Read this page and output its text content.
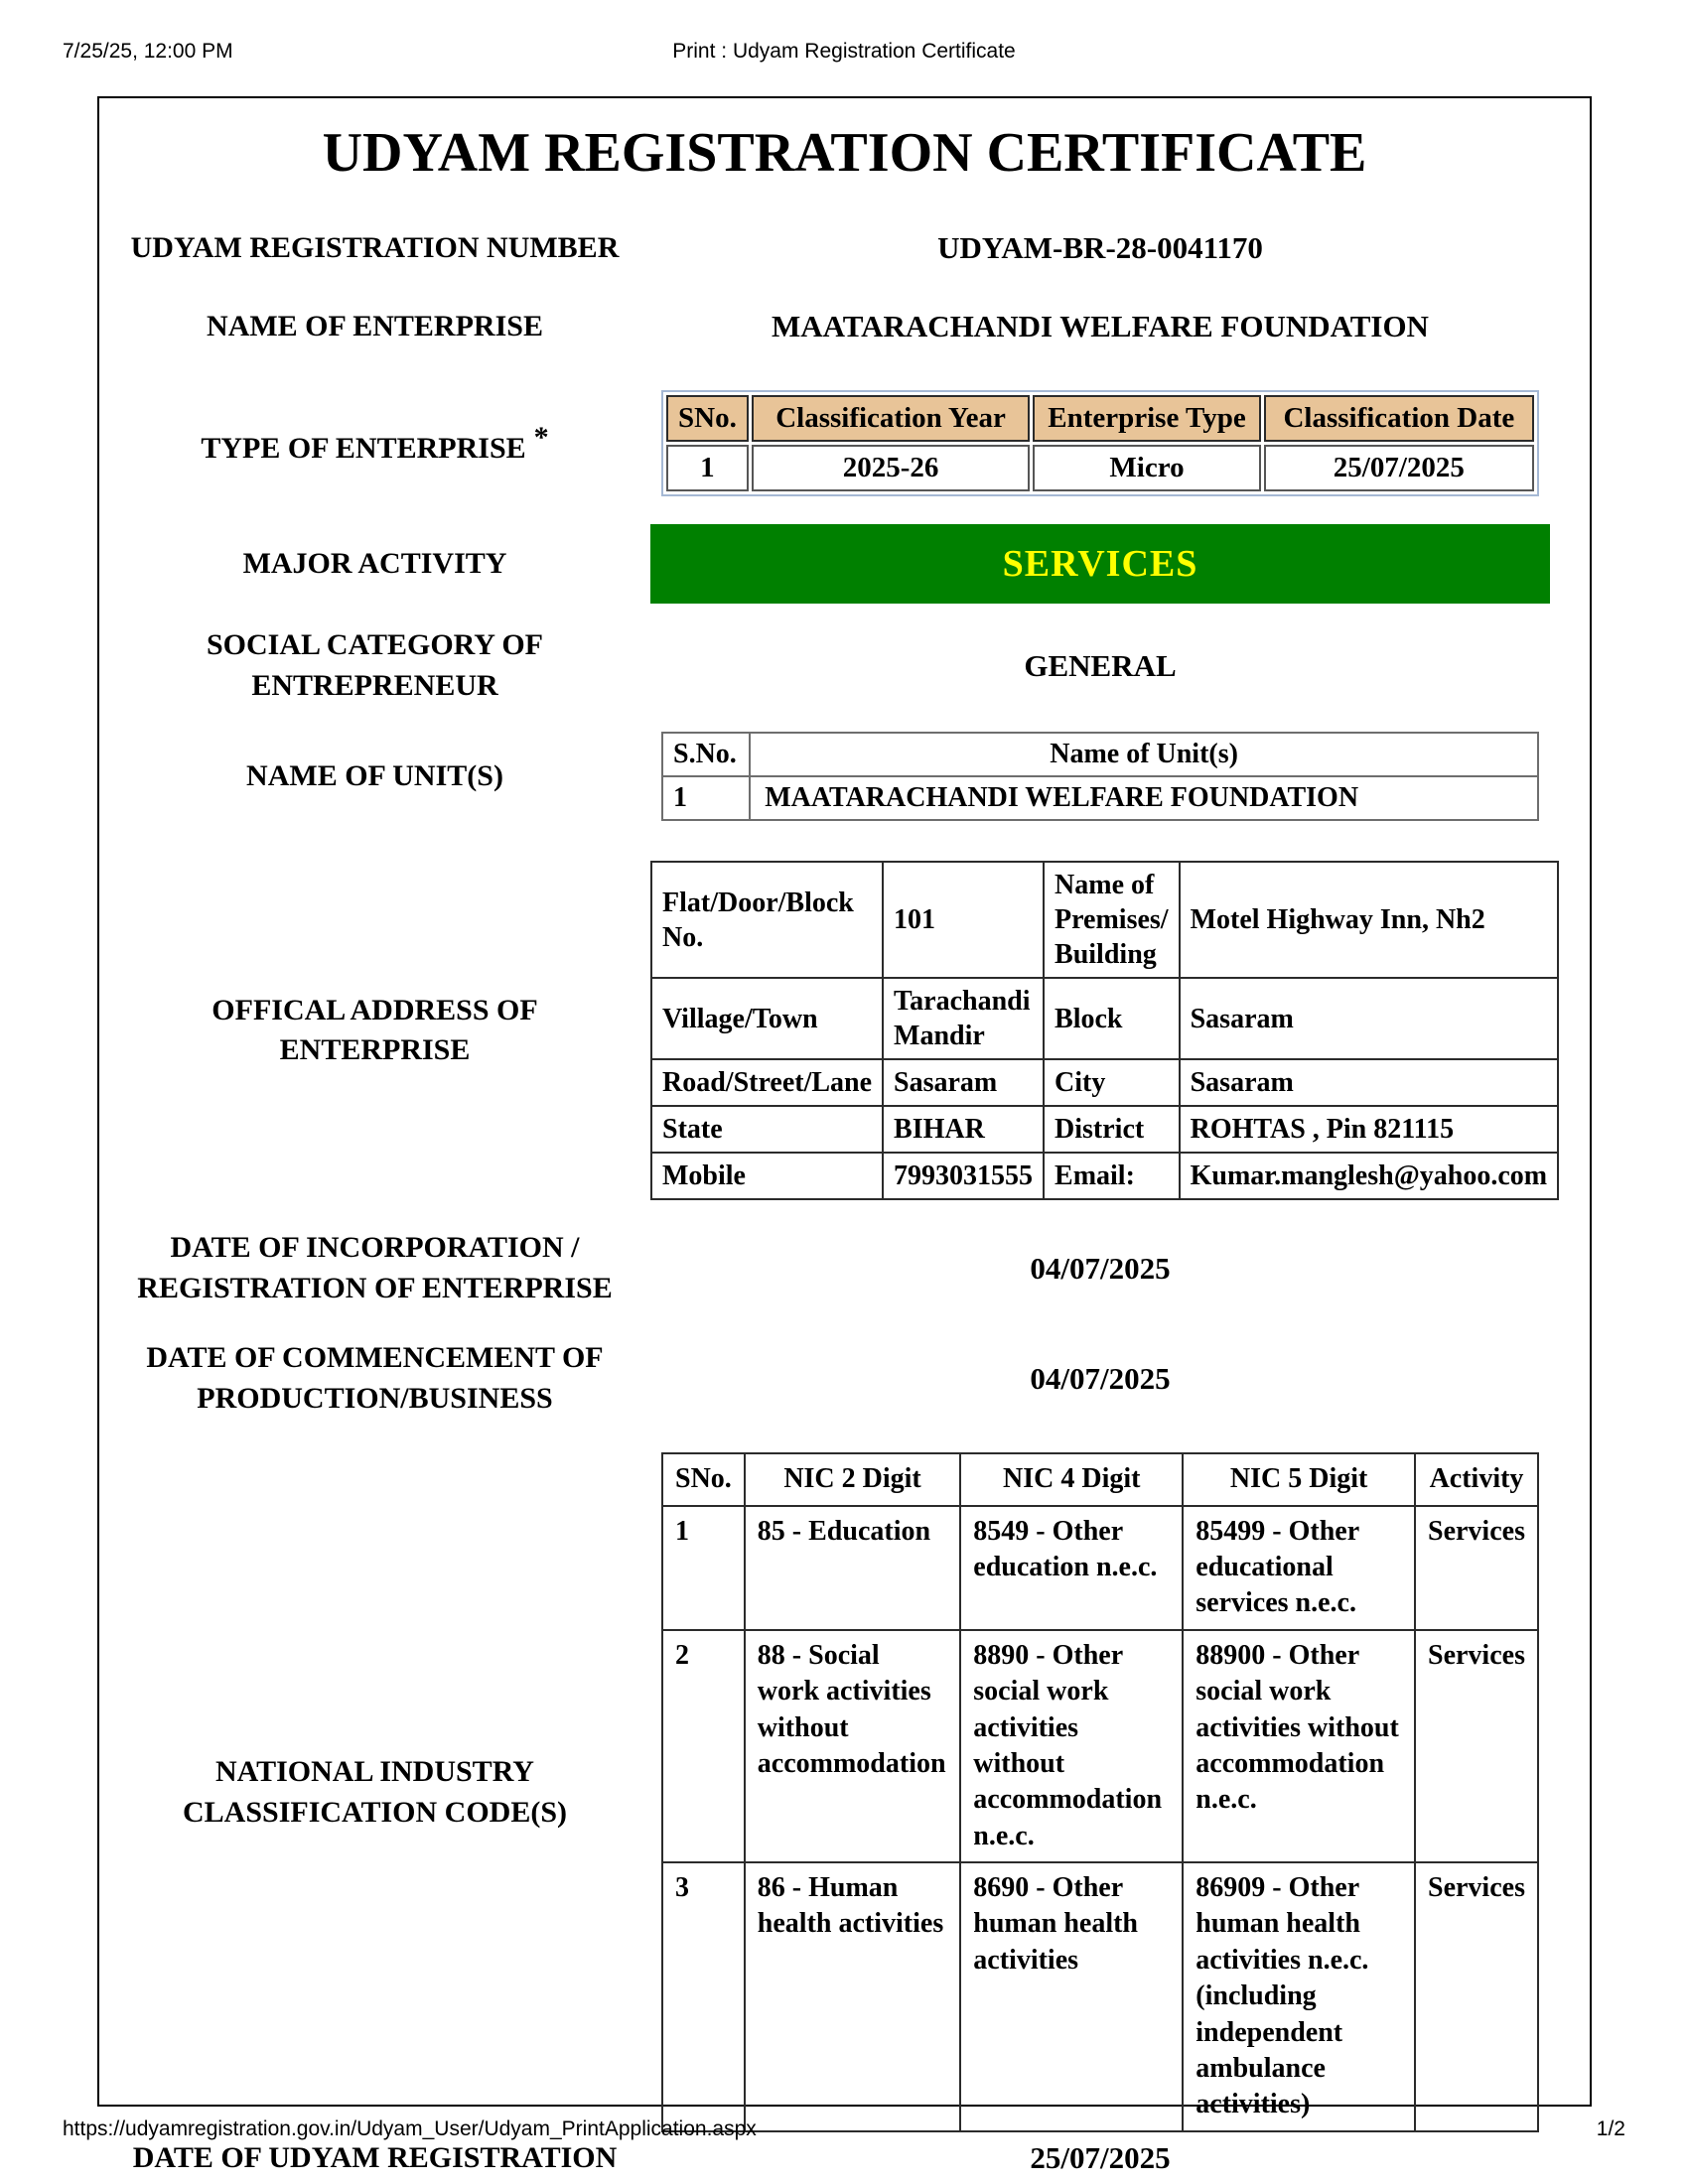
7/25/25, 12:00 PM	Print : Udyam Registration Certificate
UDYAM REGISTRATION CERTIFICATE
UDYAM REGISTRATION NUMBER	UDYAM-BR-28-0041170
NAME OF ENTERPRISE	MAATARACHANDI WELFARE FOUNDATION
TYPE OF ENTERPRISE *
SNo.	Classification Year	Enterprise Type	Classification Date
1	2025-26	Micro	25/07/2025
MAJOR ACTIVITY	SERVICES
SOCIAL CATEGORY OF ENTREPRENEUR
GENERAL
NAME OF UNIT(S)
S.No.	Name of Unit(s)
1	MAATARACHANDI WELFARE FOUNDATION
OFFICAL ADDRESS OF ENTERPRISE
Flat/Door/Block No.	101	Name of Premises/ Building	Motel Highway Inn, Nh2
Village/Town	Tarachandi Mandir	Block	Sasaram
Road/Street/Lane	Sasaram	City	Sasaram
State	BIHAR	District	ROHTAS , Pin 821115
Mobile	7993031555	Email:	Kumar.manglesh@yahoo.com
DATE OF INCORPORATION / REGISTRATION OF ENTERPRISE
04/07/2025
DATE OF COMMENCEMENT OF PRODUCTION/BUSINESS
04/07/2025
NATIONAL INDUSTRY CLASSIFICATION CODE(S)
SNo.	NIC 2 Digit	NIC 4 Digit	NIC 5 Digit	Activity
1	85 - Education	8549 - Other education n.e.c.	85499 - Other educational services n.e.c.	Services
2	88 - Social work activities without accommodation	8890 - Other social work activities without accommodation n.e.c.	88900 - Other social work activities without accommodation n.e.c.	Services
3	86 - Human health activities	8690 - Other human health activities	86909 - Other human health activities n.e.c. (including independent ambulance activities)	Services
DATE OF UDYAM REGISTRATION	25/07/2025
https://udyamregistration.gov.in/Udyam_User/Udyam_PrintApplication.aspx	1/2
